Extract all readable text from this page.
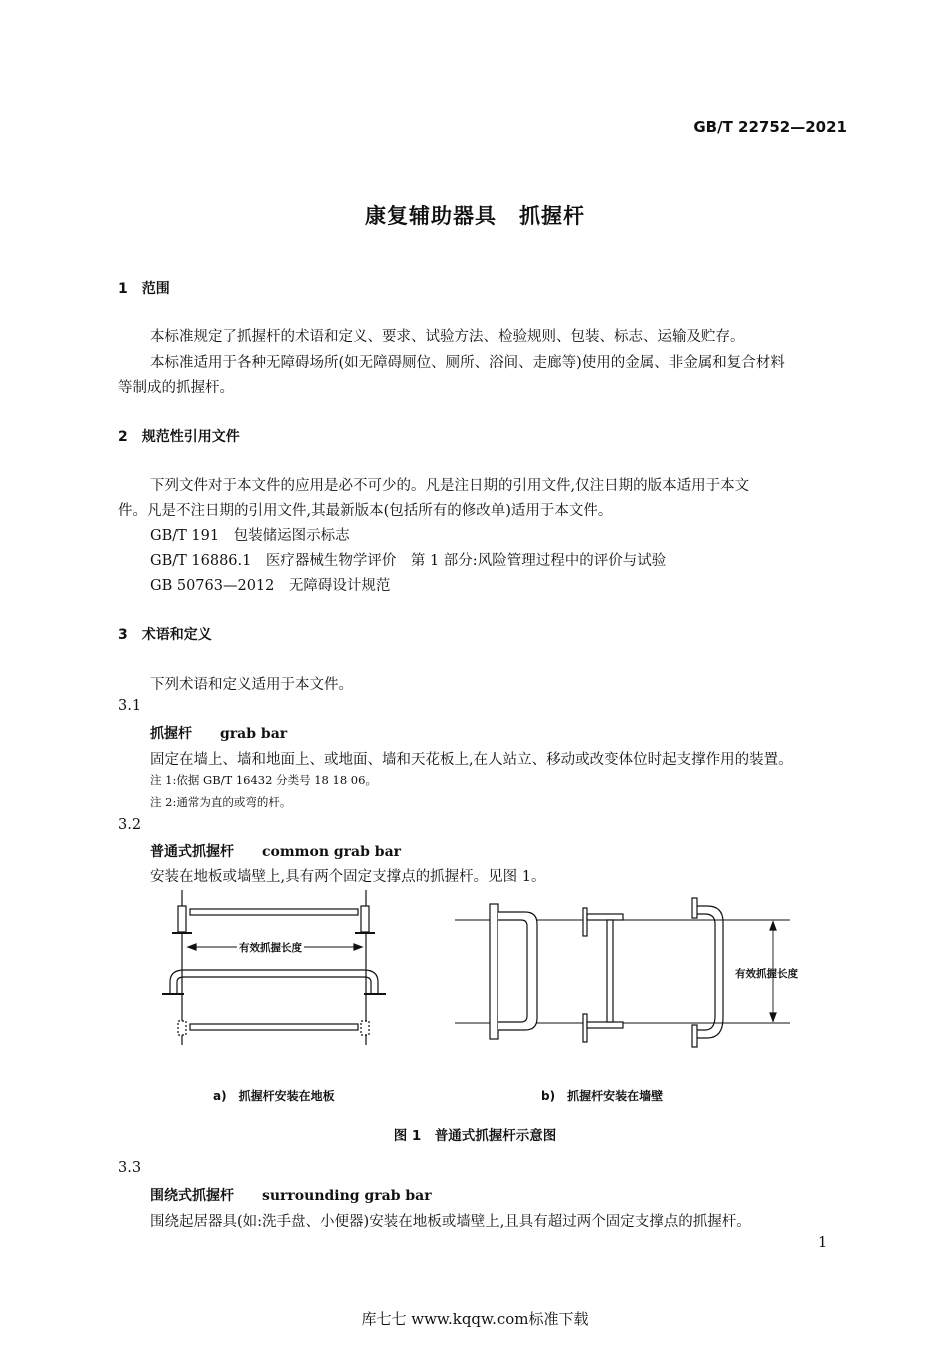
GB/T 22752—2021
康复辅助器具　抓握杆
1　范围
本标准规定了抓握杆的术语和定义、要求、试验方法、检验规则、包装、标志、运输及贮存。
本标准适用于各种无障碍场所(如无障碍厕位、厕所、浴间、走廊等)使用的金属、非金属和复合材料
等制成的抓握杆。
2　规范性引用文件
下列文件对于本文件的应用是必不可少的。凡是注日期的引用文件,仅注日期的版本适用于本文
件。凡是不注日期的引用文件,其最新版本(包括所有的修改单)适用于本文件。
GB/T 191　包装储运图示标志
GB/T 16886.1　医疗器械生物学评价　第 1 部分:风险管理过程中的评价与试验
GB 50763—2012　无障碍设计规范
3　术语和定义
下列术语和定义适用于本文件。
3.1
抓握杆　　grab bar
固定在墙上、墙和地面上、或地面、墙和天花板上,在人站立、移动或改变体位时起支撑作用的装置。
注 1:依据 GB/T 16432 分类号 18 18 06。
注 2:通常为直的或弯的杆。
3.2
普通式抓握杆　　common grab bar
安装在地板或墙壁上,具有两个固定支撑点的抓握杆。见图 1。
有效抓握长度
有效抓握长度
a)　抓握杆安装在地板	b)　抓握杆安装在墙壁
图 1　普通式抓握杆示意图
3.3
围绕式抓握杆　　surrounding grab bar
围绕起居器具(如:洗手盘、小便器)安装在地板或墙壁上,且具有超过两个固定支撑点的抓握杆。
1
库七七 www.kqqw.com标准下载
